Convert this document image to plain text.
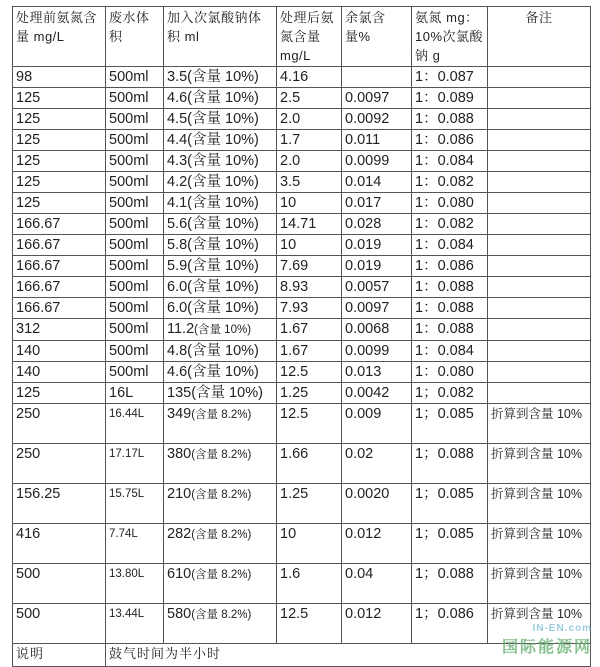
处理前氨氮含量 mg/L	废水体积	加入次氯酸钠体积 ml	处理后氨氮含量 mg/L	余氯含量%	氨氮 mg：10%次氯酸钠 g	备注
98	500ml	3.5(含量 10%)	4.16		1：0.087	
125	500ml	4.6(含量 10%)	2.5	0.0097	1：0.089	
125	500ml	4.5(含量 10%)	2.0	0.0092	1：0.088	
125	500ml	4.4(含量 10%)	1.7	0.011	1：0.086	
125	500ml	4.3(含量 10%)	2.0	0.0099	1：0.084	
125	500ml	4.2(含量 10%)	3.5	0.014	1：0.082	
125	500ml	4.1(含量 10%)	10	0.017	1：0.080	
166.67	500ml	5.6(含量 10%)	14.71	0.028	1：0.082	
166.67	500ml	5.8(含量 10%)	10	0.019	1：0.084	
166.67	500ml	5.9(含量 10%)	7.69	0.019	1：0.086	
166.67	500ml	6.0(含量 10%)	8.93	0.0057	1：0.088	
166.67	500ml	6.0(含量 10%)	7.93	0.0097	1：0.088	
312	500ml	11.2(含量 10%)	1.67	0.0068	1：0.088	
140	500ml	4.8(含量 10%)	1.67	0.0099	1：0.084	
140	500ml	4.6(含量 10%)	12.5	0.013	1：0.080	
125	16L	135(含量 10%)	1.25	0.0042	1；0.082	
250	16.44L	349(含量 8.2%)	12.5	0.009	1；0.085	折算到含量 10%
250	17.17L	380(含量 8.2%)	1.66	0.02	1；0.088	折算到含量 10%
156.25	15.75L	210(含量 8.2%)	1.25	0.0020	1；0.085	折算到含量 10%
416	7.74L	282(含量 8.2%)	10	0.012	1；0.085	折算到含量 10%
500	13.80L	610(含量 8.2%)	1.6	0.04	1；0.088	折算到含量 10%
500	13.44L	580(含量 8.2%)	12.5	0.012	1；0.086	折算到含量 10%
说明	鼓气时间为半小时					
IN-EN.com
国际能源网
